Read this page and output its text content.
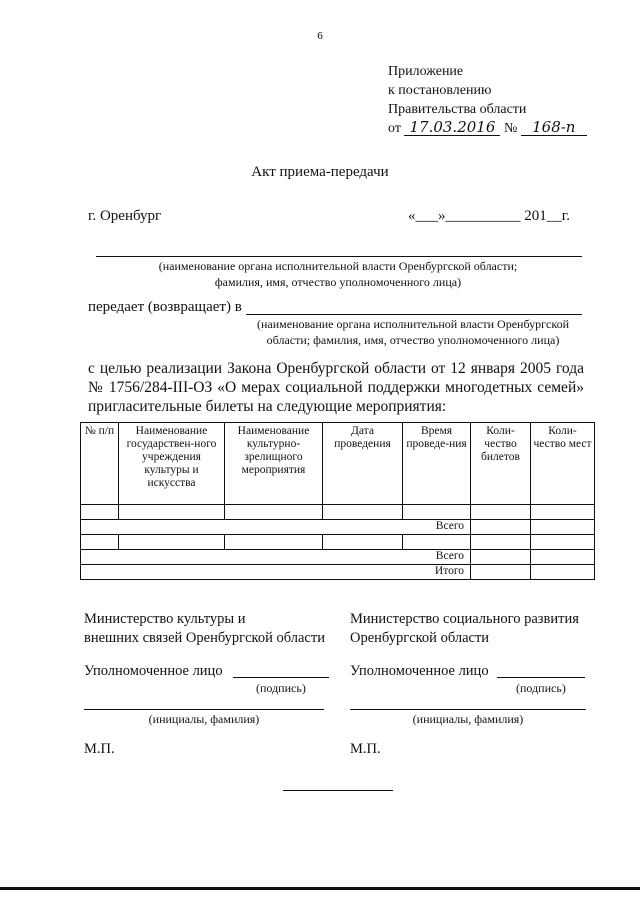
6
Приложение
к постановлению
Правительства области
от 17.03.2016 № 168-п
Акт приема-передачи
г. Оренбург	«___»__________ 201__г.
(наименование органа исполнительной власти Оренбургской области;
фамилия, имя, отчество уполномоченного лица)
передает (возвращает) в
(наименование органа исполнительной власти Оренбургской
области; фамилия, имя, отчество уполномоченного лица)
с целью реализации Закона Оренбургской области от 12 января 2005 года № 1756/284-III-ОЗ «О мерах социальной поддержки многодетных семей» пригласительные билеты на следующие мероприятия:
№ п/п	Наименование государствен-ного учреждения культуры и искусства	Наименование культурно-зрелищного мероприятия	Дата проведения	Время проведе-ния	Коли-чество билетов	Коли-чество мест

Всего						

Всего						
Итого						
Министерство культуры и
внешних связей Оренбургской области
Уполномоченное лицо
(подпись)
(инициалы, фамилия)
М.П.
Министерство социального развития
Оренбургской области
Уполномоченное лицо
(подпись)
(инициалы, фамилия)
М.П.
